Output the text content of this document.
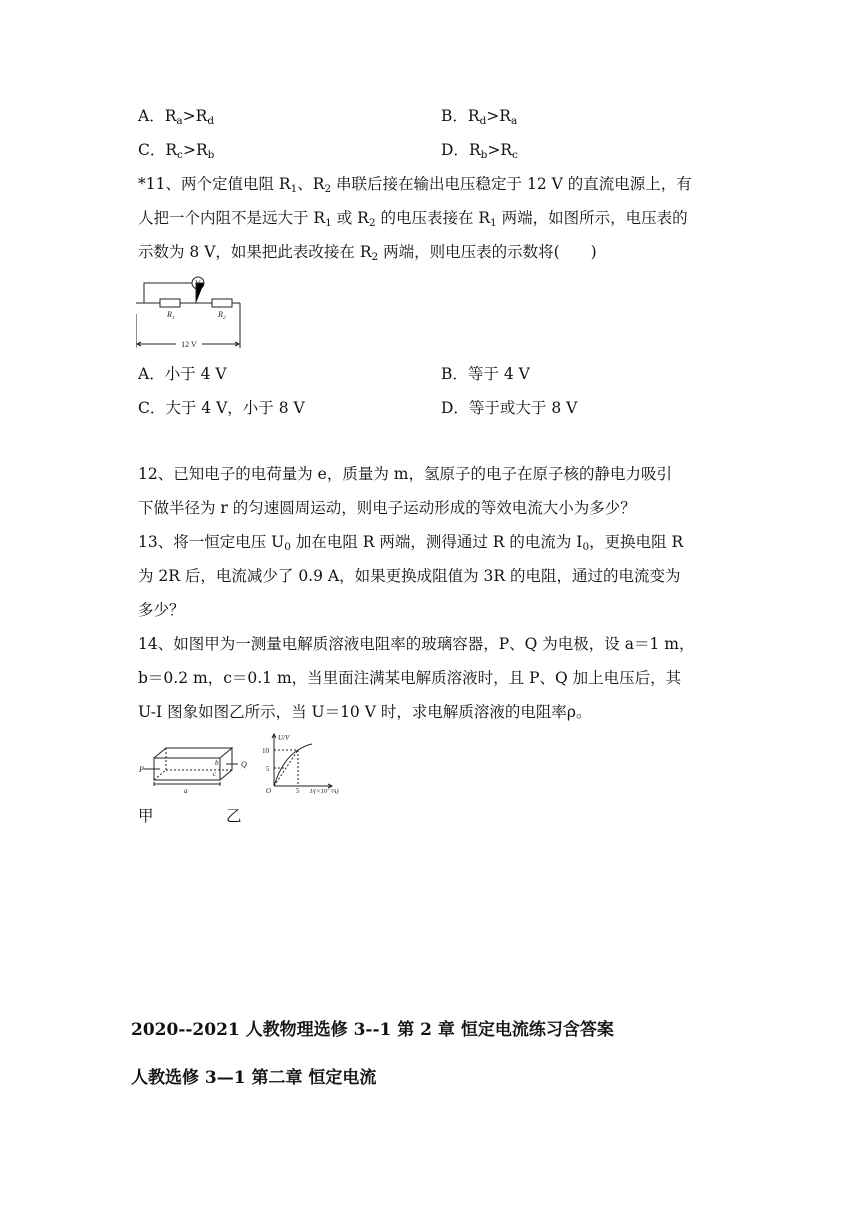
A．$R_a>R_d$	B．$R_d>R_a$
C．$R_c>R_b$	D．$R_b>R_c$
*11、两个定值电阻 $R_1$、$R_2$ 串联后接在输出电压稳定于 12 V 的直流电源上，有
人把一个内阻不是远大于 $R_1$ 或 $R_2$ 的电压表接在 $R_1$ 两端，如图所示，电压表的
示数为 8 V，如果把此表改接在 $R_2$ 两端，则电压表的示数将(　　)
$R_1$	$R_2$
12 V
A．小于 4 V	B．等于 4 V
C．大于 4 V，小于 8 V	D．等于或大于 8 V
12、已知电子的电荷量为 e，质量为 m，氢原子的电子在原子核的静电力吸引
下做半径为 r 的匀速圆周运动，则电子运动形成的等效电流大小为多少？
13、将一恒定电压 $U_0$ 加在电阻 R 两端，测得通过 R 的电流为 $I_0$，更换电阻 R
为 2R 后，电流减少了 0.9 A，如果更换成阻值为 3R 的电阻，通过的电流变为
多少？
14、如图甲为一测量电解质溶液电阻率的玻璃容器，P、Q 为电极，设 a＝1 m，
b＝0.2 m，c＝0.1 m，当里面注满某电解质溶液时，且 P、Q 加上电压后，其
U-I 图象如图乙所示，当 U＝10 V 时，求电解质溶液的电阻率ρ。
P
Q
a
b
c
U/V
10
5
O	5 I/(×10⁻³A)
甲	乙
2020--2021 人教物理选修 3--1 第 2 章 恒定电流练习含答案
人教选修 3—1 第二章 恒定电流
